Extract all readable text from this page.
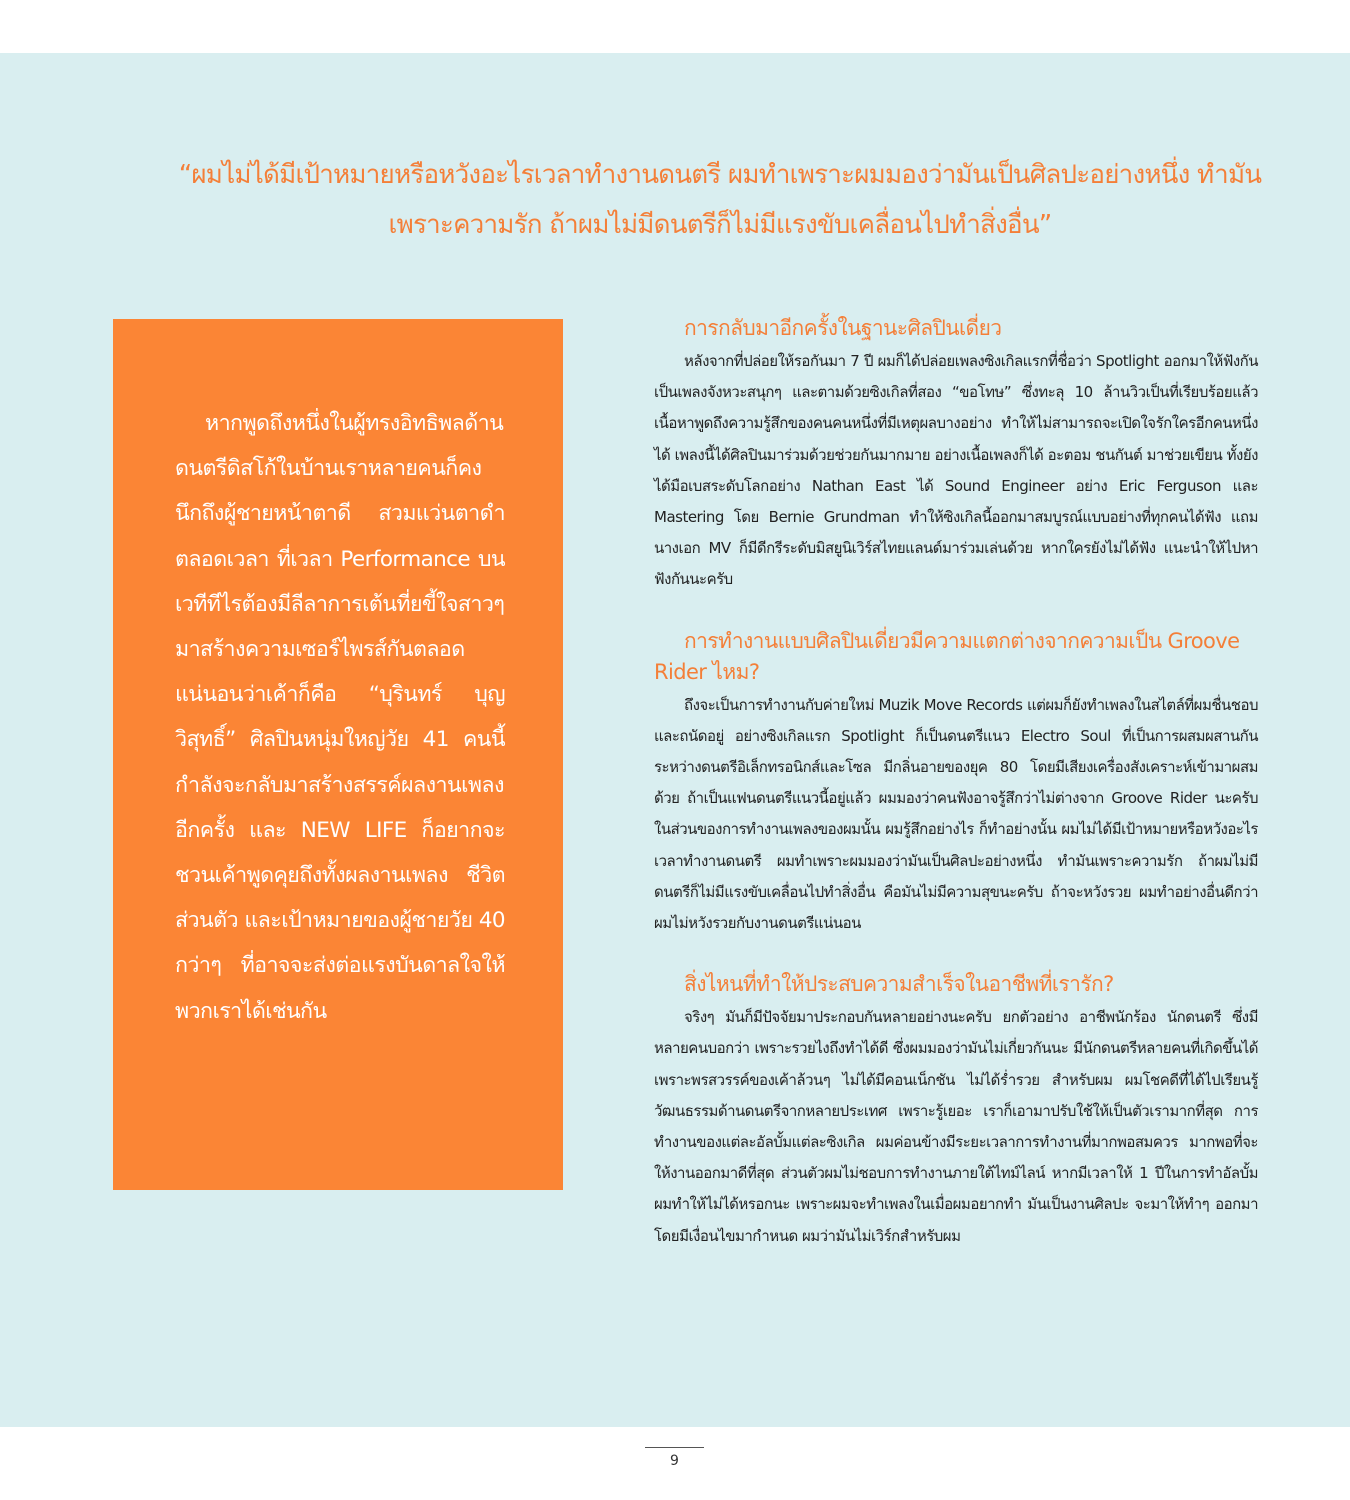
“ผมไม่ได้มีเป้าหมายหรือหวังอะไรเวลาทำงานดนตรี ผมทำเพราะผมมองว่ามันเป็นศิลปะอย่างหนึ่ง ทำมันเพราะความรัก ถ้าผมไม่มีดนตรีก็ไม่มีแรงขับเคลื่อนไปทำสิ่งอื่น”

หากพูดถึงหนึ่งในผู้ทรงอิทธิพลด้านดนตรีดิสโก้ในบ้านเราหลายคนก็คงนึกถึงผู้ชายหน้าตาดี สวมแว่นตาดำตลอดเวลา ที่เวลา Performance บนเวทีทีไรต้องมีลีลาการเต้นที่ยขี้ใจสาวๆ มาสร้างความเซอร์ไพรส์กันตลอด แน่นอนว่าเค้าก็คือ “บุรินทร์ บุญวิสุทธิ์” ศิลปินหนุ่มใหญ่วัย 41 คนนี้กำลังจะกลับมาสร้างสรรค์ผลงานเพลงอีกครั้ง และ NEW LIFE ก็อยากจะชวนเค้าพูดคุยถึงทั้งผลงานเพลง ชีวิตส่วนตัว และเป้าหมายของผู้ชายวัย 40 กว่าๆ ที่อาจจะส่งต่อแรงบันดาลใจให้พวกเราได้เช่นกัน

การกลับมาอีกครั้งในฐานะศิลปินเดี่ยว

หลังจากที่ปล่อยให้รอกันมา 7 ปี ผมก็ได้ปล่อยเพลงซิงเกิลแรกที่ชื่อว่า Spotlight ออกมาให้ฟังกัน เป็นเพลงจังหวะสนุกๆ และตามด้วยซิงเกิลที่สอง “ขอโทษ” ซึ่งทะลุ 10 ล้านวิวเป็นที่เรียบร้อยแล้ว เนื้อหาพูดถึงความรู้สึกของคนคนหนึ่งที่มีเหตุผลบางอย่าง ทำให้ไม่สามารถจะเปิดใจรักใครอีกคนหนึ่งได้ เพลงนี้ได้ศิลปินมาร่วมด้วยช่วยกันมากมาย อย่างเนื้อเพลงก็ได้ อะตอม ชนกันต์ มาช่วยเขียน ทั้งยังได้มือเบสระดับโลกอย่าง Nathan East ได้ Sound Engineer อย่าง Eric Ferguson และ Mastering โดย Bernie Grundman ทำให้ซิงเกิลนี้ออกมาสมบูรณ์แบบอย่างที่ทุกคนได้ฟัง แถมนางเอก MV ก็มีดีกรีระดับมิสยูนิเวิร์สไทยแลนด์มาร่วมเล่นด้วย หากใครยังไม่ได้ฟัง แนะนำให้ไปหาฟังกันนะครับ

การทำงานแบบศิลปินเดี่ยวมีความแตกต่างจากความเป็น Groove Rider ไหม?

ถึงจะเป็นการทำงานกับค่ายใหม่ Muzik Move Records แต่ผมก็ยังทำเพลงในสไตล์ที่ผมชื่นชอบและถนัดอยู่ อย่างซิงเกิลแรก Spotlight ก็เป็นดนตรีแนว Electro Soul ที่เป็นการผสมผสานกันระหว่างดนตรีอิเล็กทรอนิกส์และโซล มีกลิ่นอายของยุค 80 โดยมีเสียงเครื่องสังเคราะห์เข้ามาผสมด้วย ถ้าเป็นแฟนดนตรีแนวนี้อยู่แล้ว ผมมองว่าคนฟังอาจรู้สึกว่าไม่ต่างจาก Groove Rider นะครับ ในส่วนของการทำงานเพลงของผมนั้น ผมรู้สึกอย่างไร ก็ทำอย่างนั้น ผมไม่ได้มีเป้าหมายหรือหวังอะไรเวลาทำงานดนตรี ผมทำเพราะผมมองว่ามันเป็นศิลปะอย่างหนึ่ง ทำมันเพราะความรัก ถ้าผมไม่มีดนตรีก็ไม่มีแรงขับเคลื่อนไปทำสิ่งอื่น คือมันไม่มีความสุขนะครับ ถ้าจะหวังรวย ผมทำอย่างอื่นดีกว่า ผมไม่หวังรวยกับงานดนตรีแน่นอน

สิ่งไหนที่ทำให้ประสบความสำเร็จในอาชีพที่เรารัก?

จริงๆ มันก็มีปัจจัยมาประกอบกันหลายอย่างนะครับ ยกตัวอย่าง อาชีพนักร้อง นักดนตรี ซึ่งมีหลายคนบอกว่า เพราะรวยไงถึงทำได้ดี ซึ่งผมมองว่ามันไม่เกี่ยวกันนะ มีนักดนตรีหลายคนที่เกิดขึ้นได้เพราะพรสวรรค์ของเค้าล้วนๆ ไม่ได้มีคอนเน็กชัน ไม่ได้ร่ำรวย สำหรับผม ผมโชคดีที่ได้ไปเรียนรู้วัฒนธรรมด้านดนตรีจากหลายประเทศ เพราะรู้เยอะ เราก็เอามาปรับใช้ให้เป็นตัวเรามากที่สุด การทำงานของแต่ละอัลบั้มแต่ละซิงเกิล ผมค่อนข้างมีระยะเวลาการทำงานที่มากพอสมควร มากพอที่จะให้งานออกมาดีที่สุด ส่วนตัวผมไม่ชอบการทำงานภายใต้ไทม์ไลน์ หากมีเวลาให้ 1 ปีในการทำอัลบั้ม ผมทำให้ไม่ได้หรอกนะ เพราะผมจะทำเพลงในเมื่อผมอยากทำ มันเป็นงานศิลปะ จะมาให้ทำๆ ออกมาโดยมีเงื่อนไขมากำหนด ผมว่ามันไม่เวิร์กสำหรับผม

9
